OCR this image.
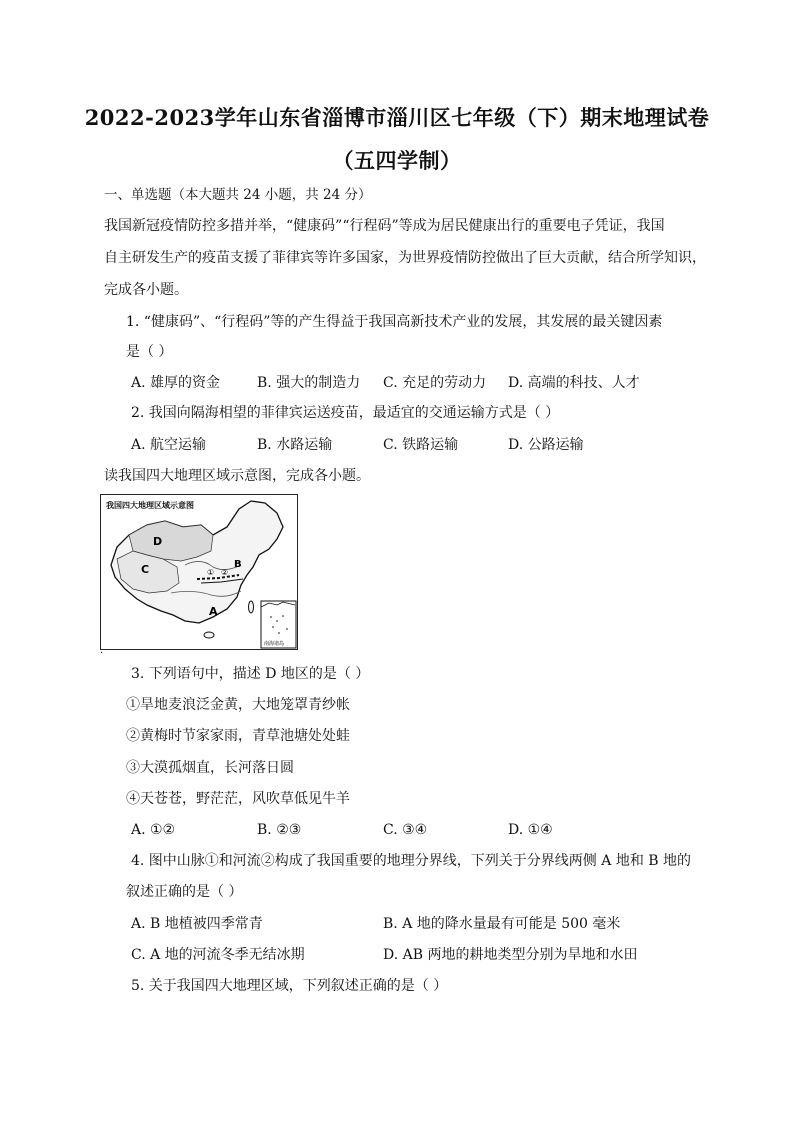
2022-2023学年山东省淄博市淄川区七年级（下）期末地理试卷
（五四学制）
一、单选题（本大题共 24 小题，共 24 分）
我国新冠疫情防控多措并举，“健康码”“行程码”等成为居民健康出行的重要电子凭证，我国
自主研发生产的疫苗支援了菲律宾等许多国家，为世界疫情防控做出了巨大贡献，结合所学知识，
完成各小题。
1. “健康码”、“行程码”等的产生得益于我国高新技术产业的发展，其发展的最关键因素
是（ ）
A. 雄厚的资金	B. 强大的制造力 C. 充足的劳动力 D. 高端的科技、人才
2. 我国向隔海相望的菲律宾运送疫苗，最适宜的交通运输方式是（ ）
A. 航空运输	B. 水路运输	C. 铁路运输	D. 公路运输
读我国四大地理区域示意图，完成各小题。
我国四大地理区域示意图
D
C	B
A
① ②
南海诸岛
·
3. 下列语句中，描述 D 地区的是（ ）
①旱地麦浪泛金黄，大地笼罩青纱帐
②黄梅时节家家雨，青草池塘处处蛙
③大漠孤烟直，长河落日圆
④天苍苍，野茫茫，风吹草低见牛羊
A. ①②	B. ②③	C. ③④	D. ①④
4. 图中山脉①和河流②构成了我国重要的地理分界线，下列关于分界线两侧 A 地和 B 地的
叙述正确的是（ ）
A. B 地植被四季常青	B. A 地的降水量最有可能是 500 毫米
C. A 地的河流冬季无结冰期	D. AB 两地的耕地类型分别为旱地和水田
5. 关于我国四大地理区域，下列叙述正确的是（ ）
